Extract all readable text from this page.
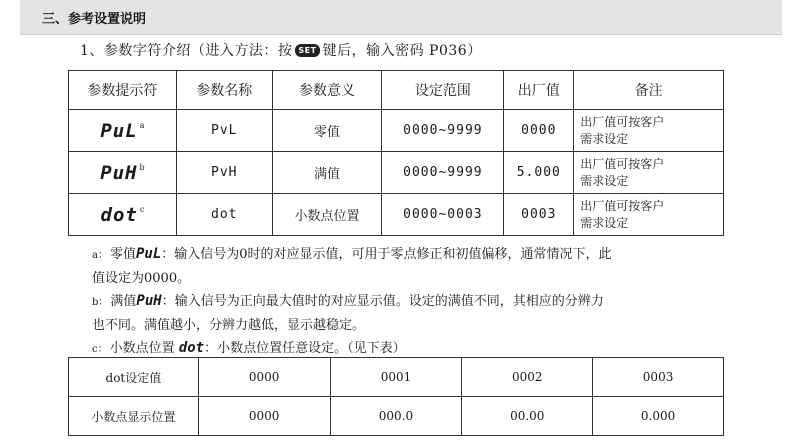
三、参考设置说明
1、参数字符介绍（进入方法：按 SET 键后，输入密码 P036）
参数提示符	参数名称	参数意义	设定范围	出厂值	备注
PuL $^a$	PvL	零值	0000~9999	0000	出厂值可按客户
需求设定

PuH $^b$	PvH	满值	0000~9999	5.000	出厂值可按客户
需求设定

dot $^c$	dot	小数点位置	0000~0003	0003	出厂值可按客户
需求设定

a： 零值PuL：输入信号为0时的对应显示值，可用于零点修正和初值偏移，通常情况下，此

值设定为0000。

b： 满值PuH：输入信号为正向最大值时的对应显示值。设定的满值不同，其相应的分辨力

也不同。满值越小，分辨力越低，显示越稳定。

c： 小数点位置 dot：小数点位置任意设定。（见下表）

dot设定值	0000	0001	0002	0003
小数点显示位置	0000	000.0	00.00	0.000
